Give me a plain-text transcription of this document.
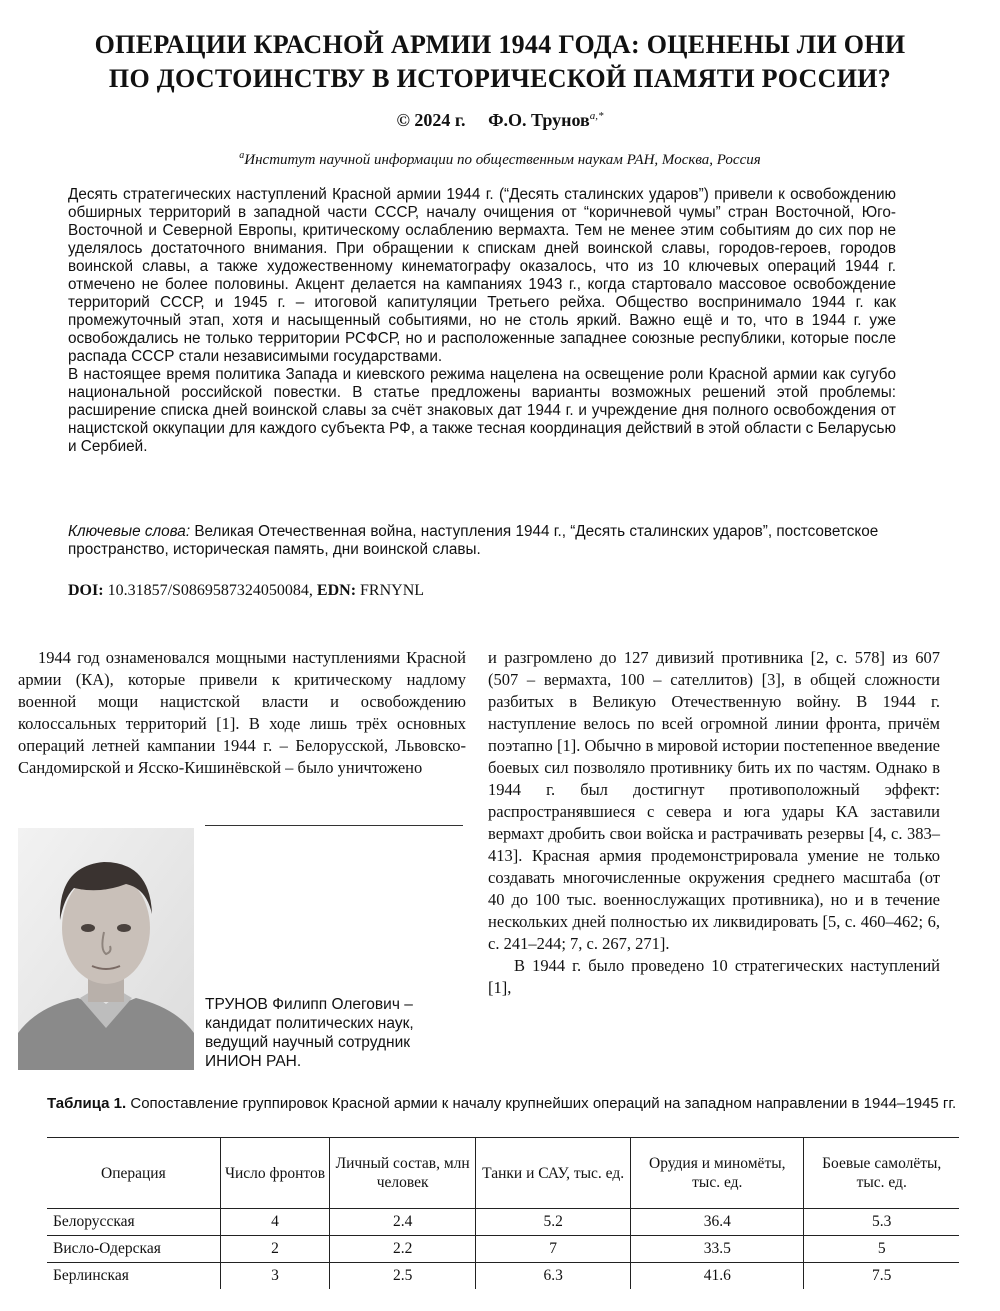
ОПЕРАЦИИ КРАСНОЙ АРМИИ 1944 ГОДА: ОЦЕНЕНЫ ЛИ ОНИ
ПО ДОСТОИНСТВУ В ИСТОРИЧЕСКОЙ ПАМЯТИ РОССИИ?
© 2024 г. Ф.О. Трунов$^{a,*}$
$^a$Институт научной информации по общественным наукам РАН, Москва, Россия

Десять стратегических наступлений Красной армии 1944 г. (“Десять сталинских ударов”) привели к освобождению обширных территорий в западной части СССР, началу очищения от “коричневой чумы” стран Восточной, Юго-Восточной и Северной Европы, критическому ослаблению вермахта. Тем не менее этим событиям до сих пор не уделялось достаточного внимания. При обращении к спискам дней воинской славы, городов-героев, городов воинской славы, а также художественному кинематографу оказалось, что из 10 ключевых операций 1944 г. отмечено не более половины. Акцент делается на кампаниях 1943 г., когда стартовало массовое освобождение территорий СССР, и 1945 г. – итоговой капитуляции Третьего рейха. Общество воспринимало 1944 г. как промежуточный этап, хотя и насыщенный событиями, но не столь яркий. Важно ещё и то, что в 1944 г. уже освобождались не только территории РСФСР, но и расположенные западнее союзные республики, которые после распада СССР стали независимыми государствами.

В настоящее время политика Запада и киевского режима нацелена на освещение роли Красной армии как сугубо национальной российской повестки. В статье предложены варианты возможных решений этой проблемы: расширение списка дней воинской славы за счёт знаковых дат 1944 г. и учреждение дня полного освобождения от нацистской оккупации для каждого субъекта РФ, а также тесная координация действий в этой области с Беларусью и Сербией.

Ключевые слова: Великая Отечественная война, наступления 1944 г., “Десять сталинских ударов”, постсоветское пространство, историческая память, дни воинской славы.
DOI: 10.31857/S0869587324050084, EDN: FRNYNL

1944 год ознаменовался мощными наступлениями Красной армии (КА), которые привели к критическому надлому военной мощи нацистской власти и освобождению колоссальных территорий [1]. В ходе лишь трёх основных операций летней кампании 1944 г. – Белорусской, Львовско-Сандомирской и Ясско-Кишинёвской – было уничтожено

и разгромлено до 127 дивизий противника [2, с. 578] из 607 (507 – вермахта, 100 – сателлитов) [3], в общей сложности разбитых в Великую Отечественную войну. В 1944 г. наступление велось по всей огромной линии фронта, причём поэтапно [1]. Обычно в мировой истории постепенное введение боевых сил позволяло противнику бить их по частям. Однако в 1944 г. был достигнут противоположный эффект: распространявшиеся с севера и юга удары КА заставили вермахт дробить свои войска и растрачивать резервы [4, с. 383–413]. Красная армия продемонстрировала умение не только создавать многочисленные окружения среднего масштаба (от 40 до 100 тыс. военнослужащих противника), но и в течение нескольких дней полностью их ликвидировать [5, с. 460–462; 6, с. 241–244; 7, с. 267, 271].

В 1944 г. было проведено 10 стратегических наступлений [1],

ТРУНОВ Филипп Олегович – кандидат политических наук, ведущий научный сотрудник ИНИОН РАН.
Таблица 1. Сопоставление группировок Красной армии к началу крупнейших операций на западном направлении в 1944–1945 гг.
Операция	Число фронтов	Личный состав, млн человек	Танки и САУ, тыс. ед.	Орудия и миномёты, тыс. ед.	Боевые самолёты, тыс. ед.
Белорусская	4	2.4	5.2	36.4	5.3
Висло-Одерская	2	2.2	7	33.5	5
Берлинская	3	2.5	6.3	41.6	7.5
